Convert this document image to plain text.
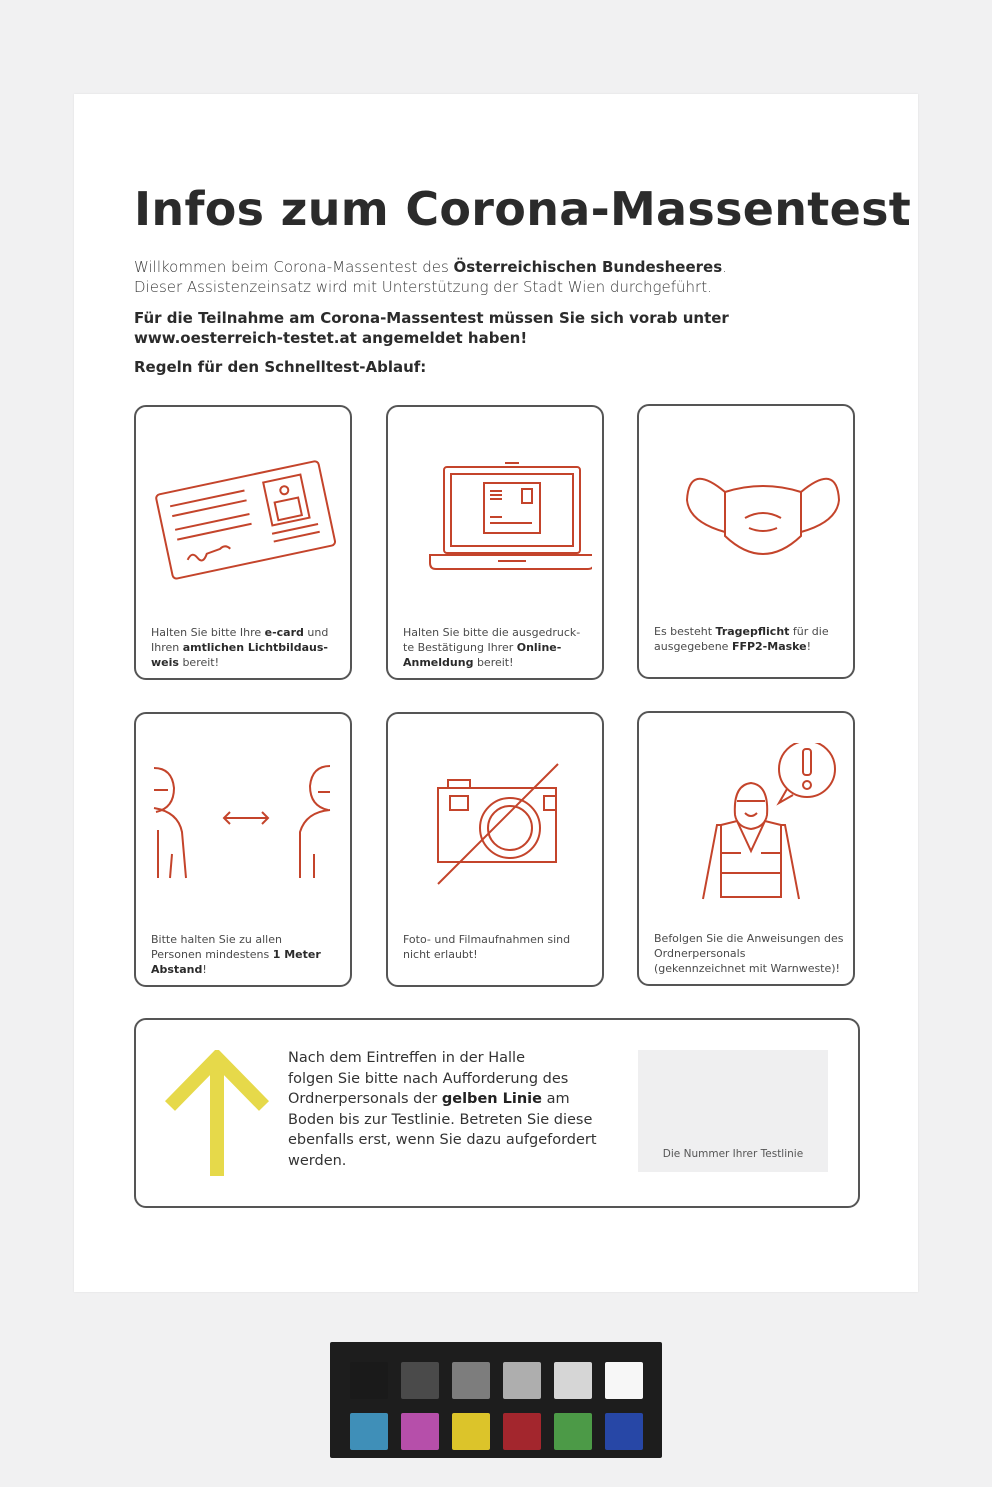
Infos zum Corona-Massentest

Willkommen beim Corona-Massentest des Österreichischen Bundesheeres.

Dieser Assistenzeinsatz wird mit Unterstützung der Stadt Wien durchgeführt.

Für die Teilnahme am Corona-Massentest müssen Sie sich vorab unter

www.oesterreich-testet.at angemeldet haben!

Regeln für den Schnelltest-Ablauf:
Halten Sie bitte Ihre e-card und
Ihren amtlichen Lichtbildaus-
weis bereit!
Halten Sie bitte die ausgedruck-
te Bestätigung Ihrer Online-
Anmeldung bereit!
Es besteht Tragepflicht für die
ausgegebene FFP2-Maske!
Bitte halten Sie zu allen
Personen mindestens 1 Meter
Abstand!
Foto- und Filmaufnahmen sind
nicht erlaubt!
Befolgen Sie die Anweisungen des
Ordnerpersonals
(gekennzeichnet mit Warnweste)!
Nach dem Eintreffen in der Halle
folgen Sie bitte nach Aufforderung des
Ordnerpersonals der gelben Linie am
Boden bis zur Testlinie. Betreten Sie diese
ebenfalls erst, wenn Sie dazu aufgefordert
werden.	Die Nummer Ihrer Testlinie
